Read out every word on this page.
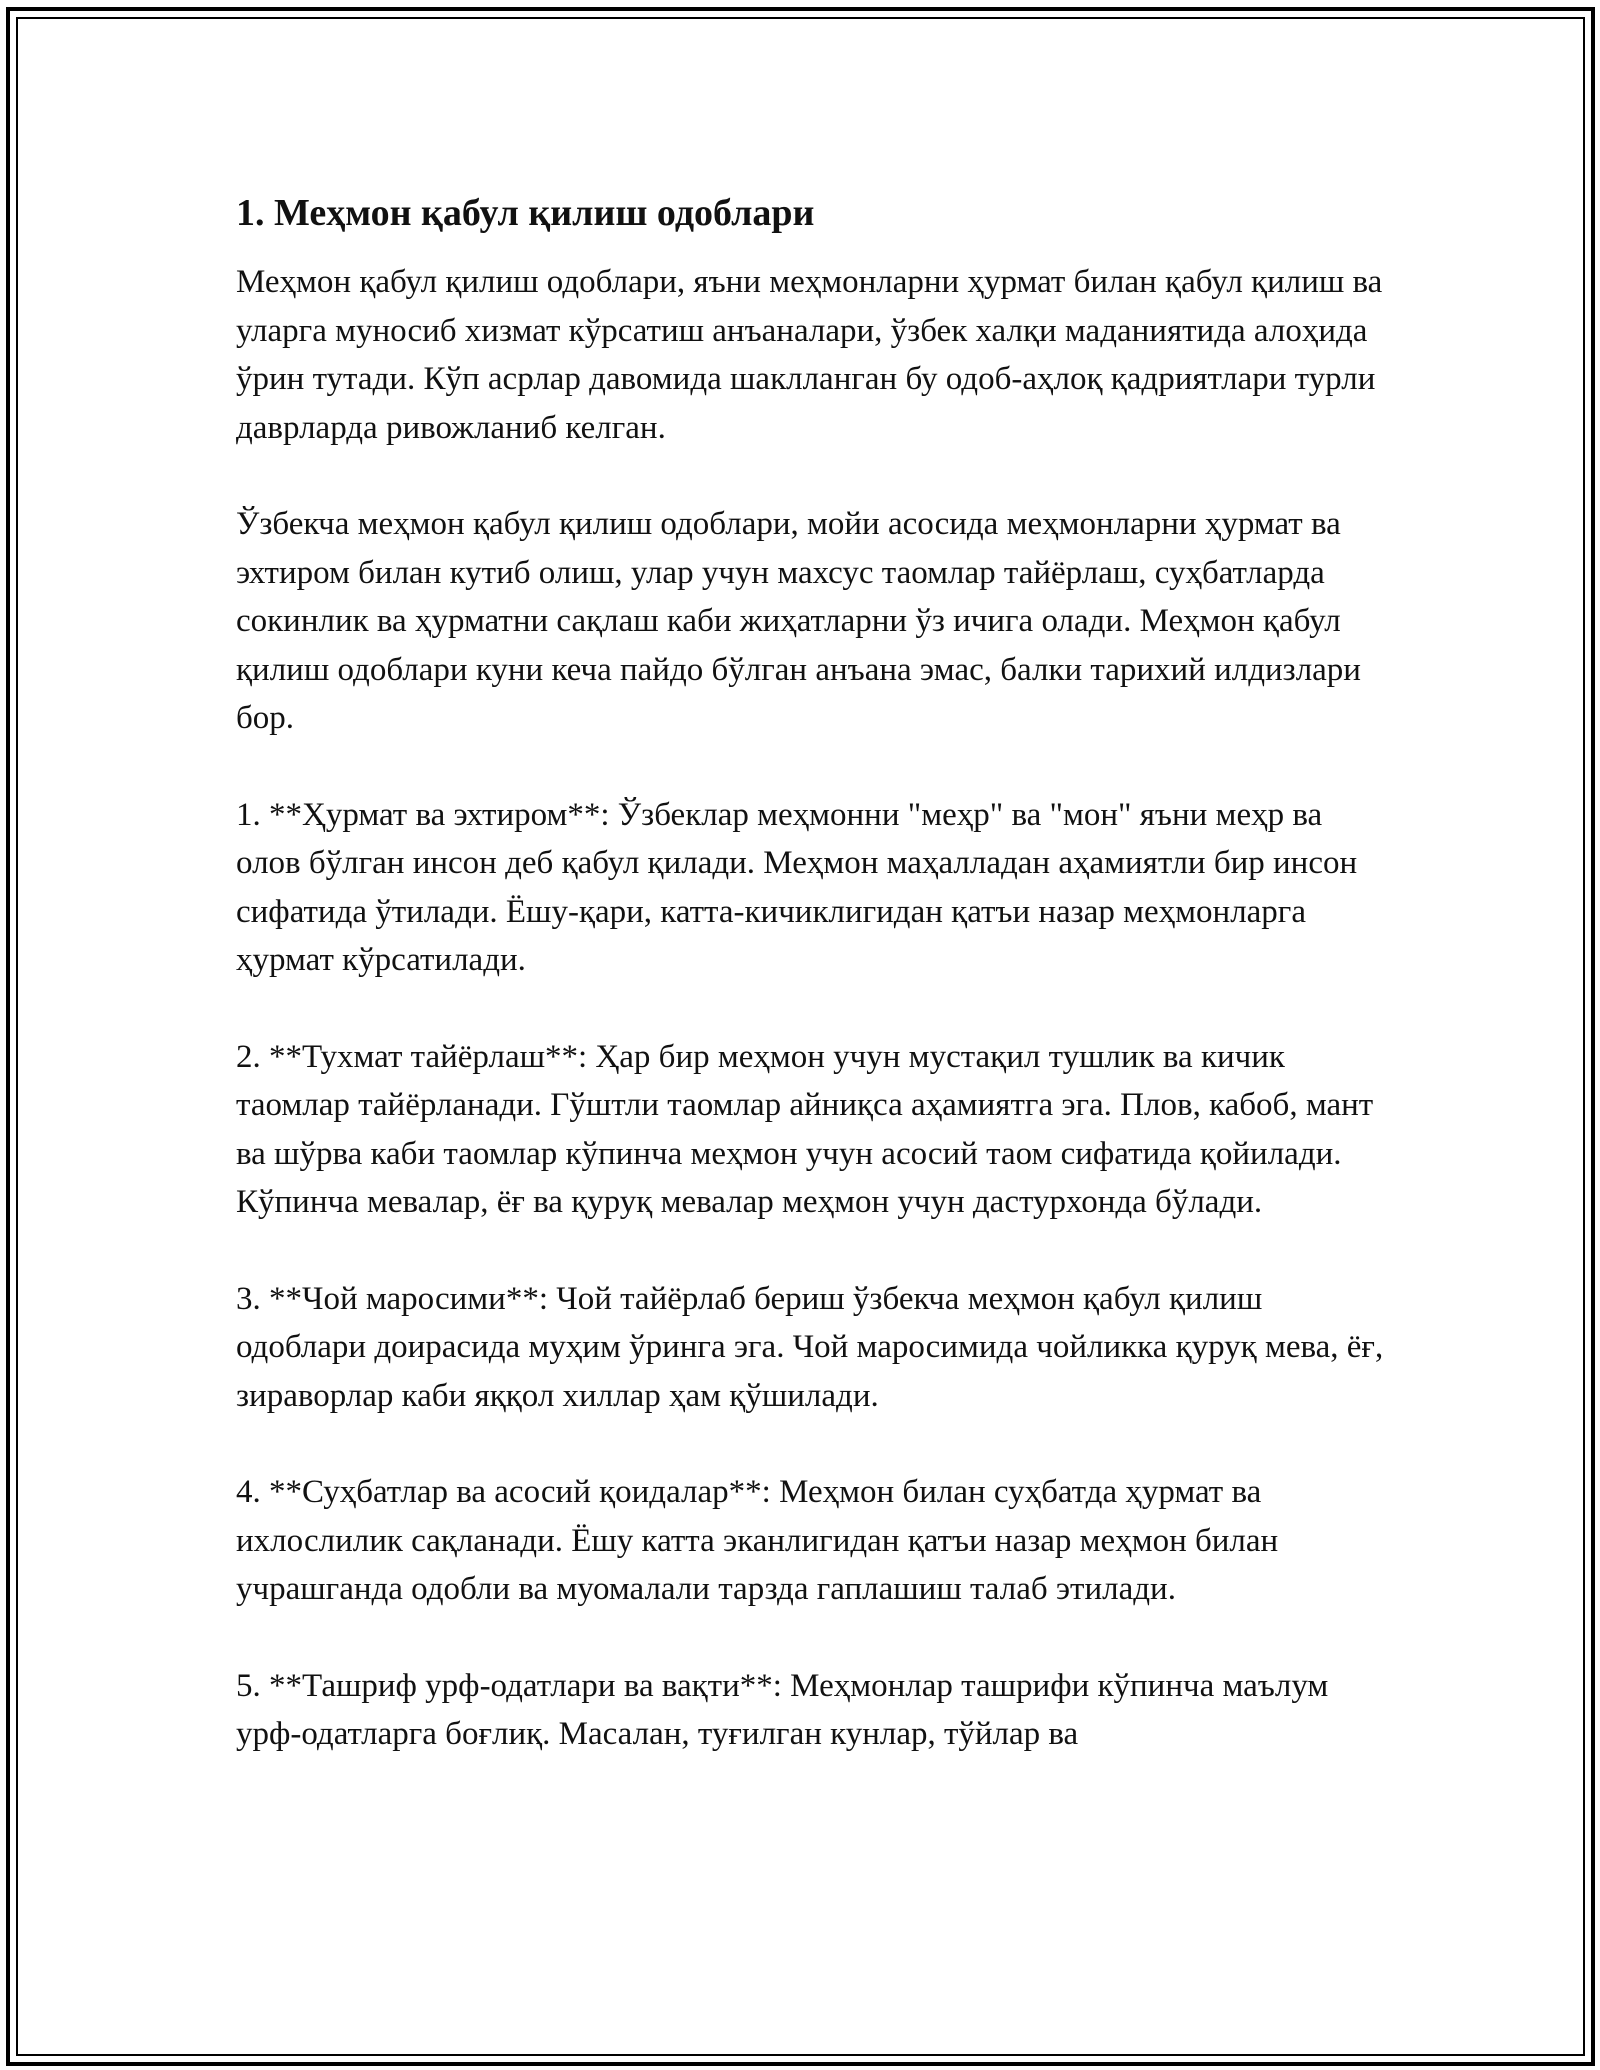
1. Меҳмон қабул қилиш одоблари

Меҳмон қабул қилиш одоблари, яъни меҳмонларни ҳурмат билан қабул қилиш ва уларга муносиб хизмат кўрсатиш анъаналари, ўзбек халқи маданиятида алоҳида ўрин тутади. Кўп асрлар давомида шаклланган бу одоб-аҳлоқ қадриятлари турли даврларда ривожланиб келган.

Ўзбекча меҳмон қабул қилиш одоблари, мойи асосида меҳмонларни ҳурмат ва эхтиром билан кутиб олиш, улар учун махсус таомлар тайёрлаш, суҳбатларда сокинлик ва ҳурматни сақлаш каби жиҳатларни ўз ичига олади. Меҳмон қабул қилиш одоблари куни кеча пайдо бўлган анъана эмас, балки тарихий илдизлари бор.

1. **Ҳурмат ва эхтиром**: Ўзбеклар меҳмонни "меҳр" ва "мон" яъни меҳр ва олов бўлган инсон деб қабул қилади. Меҳмон маҳалладан аҳамиятли бир инсон сифатида ўтилади. Ёшу-қари, катта-кичиклигидан қатъи назар меҳмонларга ҳурмат кўрсатилади.

2. **Тухмат тайёрлаш**: Ҳар бир меҳмон учун мустақил тушлик ва кичик таомлар тайёрланади. Гўштли таомлар айниқса аҳамиятга эга. Плов, кабоб, мант ва шўрва каби таомлар кўпинча меҳмон учун асосий таом сифатида қойилади. Кўпинча мевалар, ёғ ва қуруқ мевалар меҳмон учун дастурхонда бўлади.

3. **Чой маросими**: Чой тайёрлаб бериш ўзбекча меҳмон қабул қилиш одоблари доирасида муҳим ўринга эга. Чой маросимида чойликка қуруқ мева, ёғ, зираворлар каби яққол хиллар ҳам қўшилади.

4. **Суҳбатлар ва асосий қоидалар**: Меҳмон билан суҳбатда ҳурмат ва ихлослилик сақланади. Ёшу катта эканлигидан қатъи назар меҳмон билан учрашганда одобли ва муомалали тарзда гаплашиш талаб этилади.

5. **Ташриф урф-одатлари ва вақти**: Меҳмонлар ташрифи кўпинча маълум урф-одатларга боғлиқ. Масалан, туғилган кунлар, тўйлар ва
